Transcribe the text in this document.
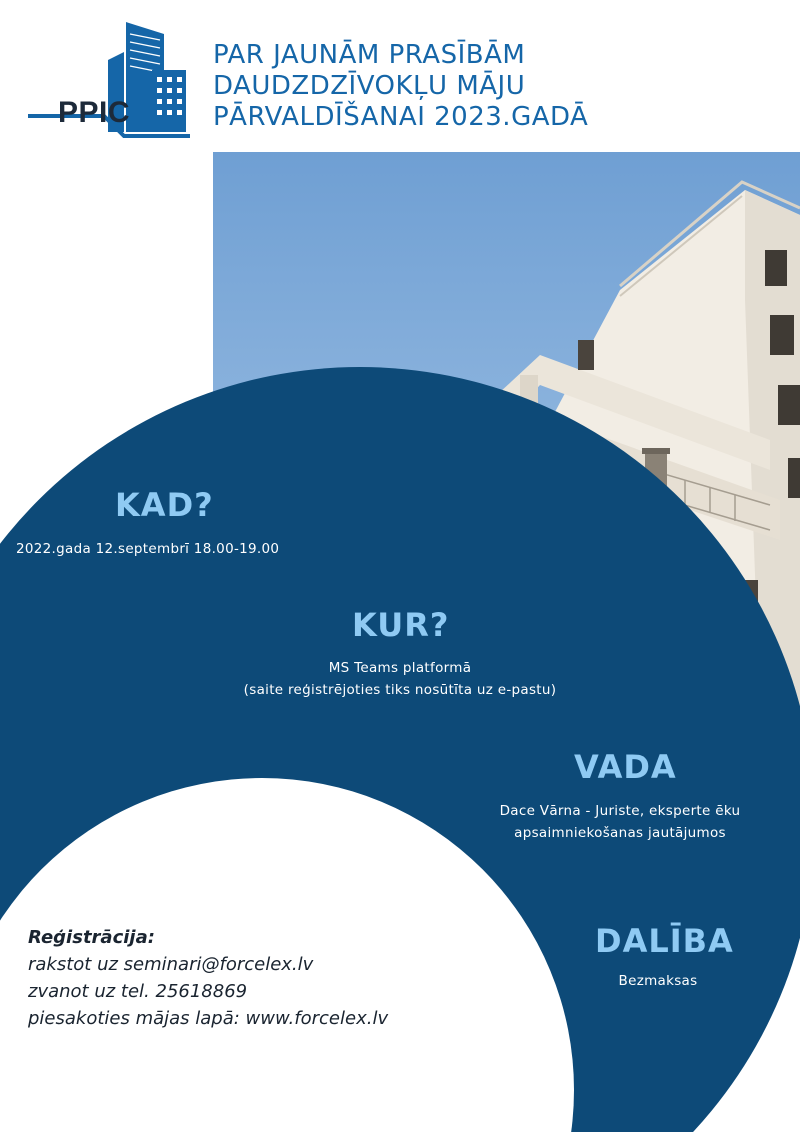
PPIC
PAR JAUNĀM PRASĪBĀM
DAUDZDZĪVOKĻU MĀJU
PĀRVALDĪŠANAI 2023.GADĀ
KAD?
2022.gada 12.septembrī 18.00-19.00
KUR?
MS Teams platformā
(saite reģistrējoties tiks nosūtīta uz e-pastu)
VADA
Dace Vārna - Juriste, eksperte ēku
apsaimniekošanas jautājumos
DALĪBA
Bezmaksas
Reģistrācija:
rakstot uz seminari@forcelex.lv
zvanot uz tel. 25618869
piesakoties mājas lapā: www.forcelex.lv
